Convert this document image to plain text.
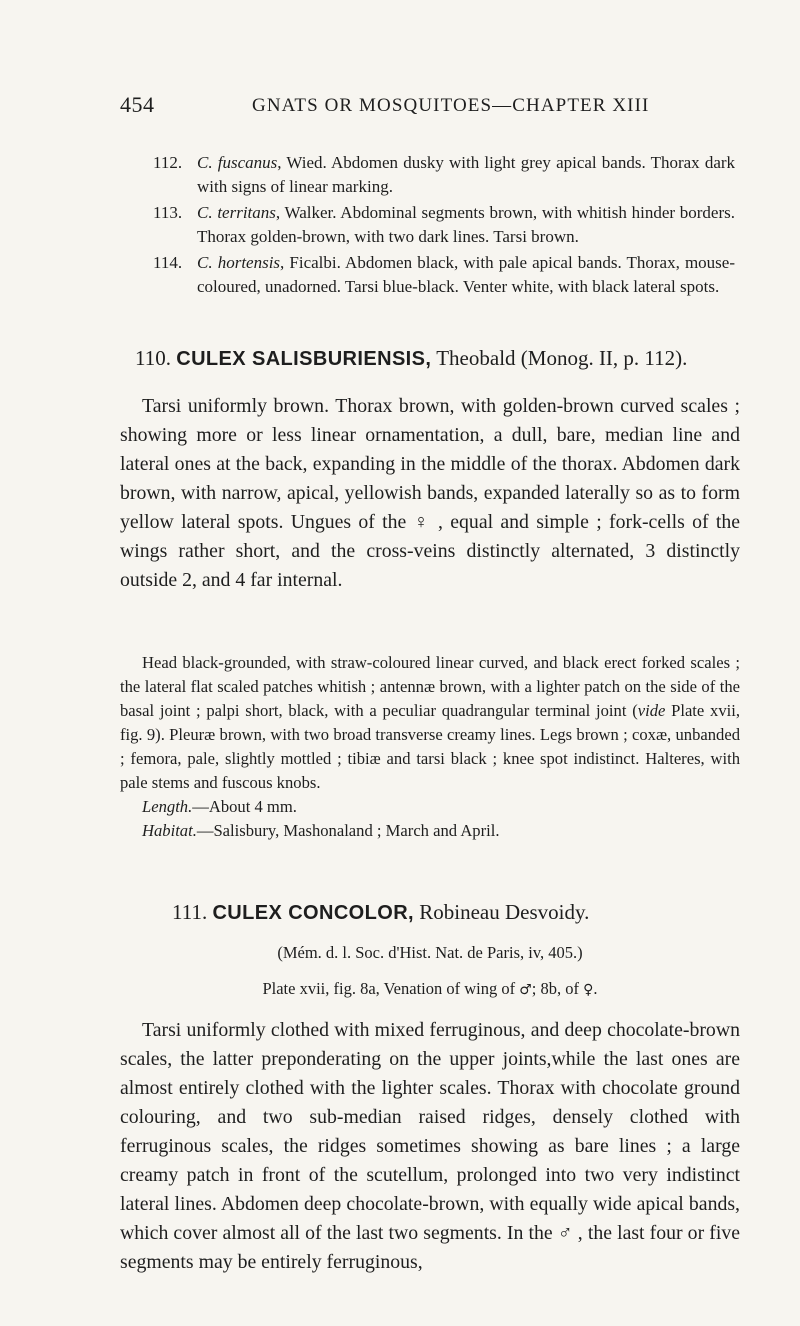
454	GNATS OR MOSQUITOES—CHAPTER XIII

112. C. fuscanus, Wied. Abdomen dusky with light grey apical bands. Thorax dark with signs of linear marking.

113. C. territans, Walker. Abdominal segments brown, with whitish hinder borders. Thorax golden-brown, with two dark lines. Tarsi brown.

114. C. hortensis, Ficalbi. Abdomen black, with pale apical bands. Thorax, mouse-coloured, unadorned. Tarsi blue-black. Venter white, with black lateral spots.

110. CULEX SALISBURIENSIS, Theobald (Monog. II, p. 112).

Tarsi uniformly brown. Thorax brown, with golden-brown curved scales ; showing more or less linear ornamentation, a dull, bare, median line and lateral ones at the back, expanding in the middle of the thorax. Abdomen dark brown, with narrow, apical, yellowish bands, expanded laterally so as to form yellow lateral spots. Ungues of the ♀ , equal and simple ; fork-cells of the wings rather short, and the cross-veins distinctly alternated, 3 distinctly outside 2, and 4 far internal.

Head black-grounded, with straw-coloured linear curved, and black erect forked scales ; the lateral flat scaled patches whitish ; antennæ brown, with a lighter patch on the side of the basal joint ; palpi short, black, with a peculiar quadrangular terminal joint (vide Plate xvii, fig. 9). Pleuræ brown, with two broad transverse creamy lines. Legs brown ; coxæ, unbanded ; femora, pale, slightly mottled ; tibiæ and tarsi black ; knee spot indistinct. Halteres, with pale stems and fuscous knobs.

Length.—About 4 mm.

Habitat.—Salisbury, Mashonaland ; March and April.

111. CULEX CONCOLOR, Robineau Desvoidy.
(Mém. d. l. Soc. d'Hist. Nat. de Paris, iv, 405.)
Plate xvii, fig. 8a, Venation of wing of ♂; 8b, of ♀.

Tarsi uniformly clothed with mixed ferruginous, and deep chocolate-brown scales, the latter preponderating on the upper joints,while the last ones are almost entirely clothed with the lighter scales. Thorax with chocolate ground colouring, and two sub-median raised ridges, densely clothed with ferruginous scales, the ridges sometimes showing as bare lines ; a large creamy patch in front of the scutellum, prolonged into two very indistinct lateral lines. Abdomen deep chocolate-brown, with equally wide apical bands, which cover almost all of the last two segments. In the ♂ , the last four or five segments may be entirely ferruginous,
